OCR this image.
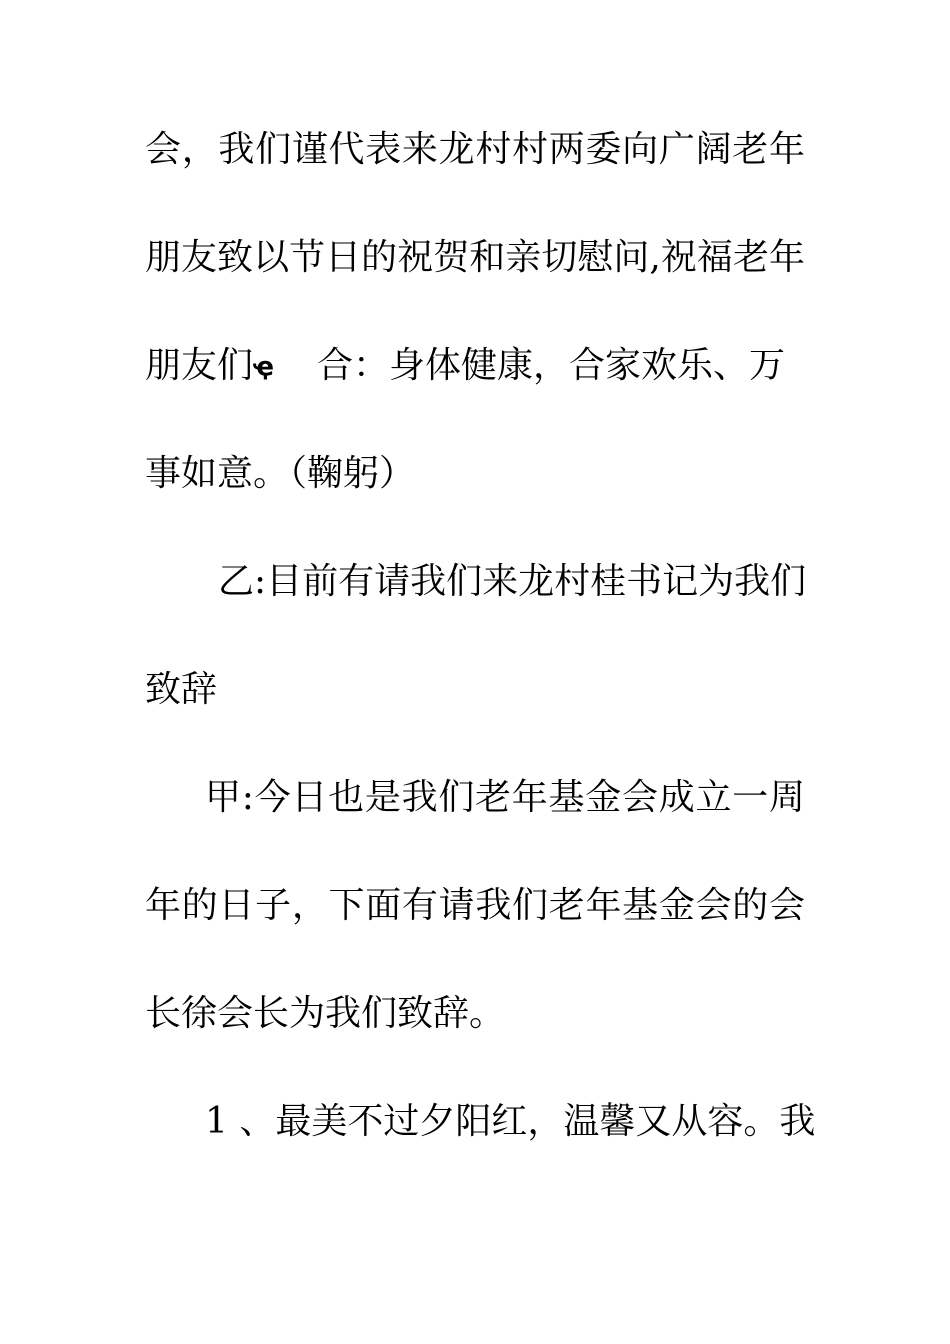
会，我们谨代表来龙村村两委向广阔老年
朋友致以节日的祝贺和亲切慰问,祝福老年
朋友们ҿ 合：身体健康，合家欢乐、万
事如意。（鞠躬）
乙:目前有请我们来龙村桂书记为我们
致辞
甲:今日也是我们老年基金会成立一周
年的日子，下面有请我们老年基金会的会
长徐会长为我们致辞。
1 、最美不过夕阳红，温馨又从容。我
